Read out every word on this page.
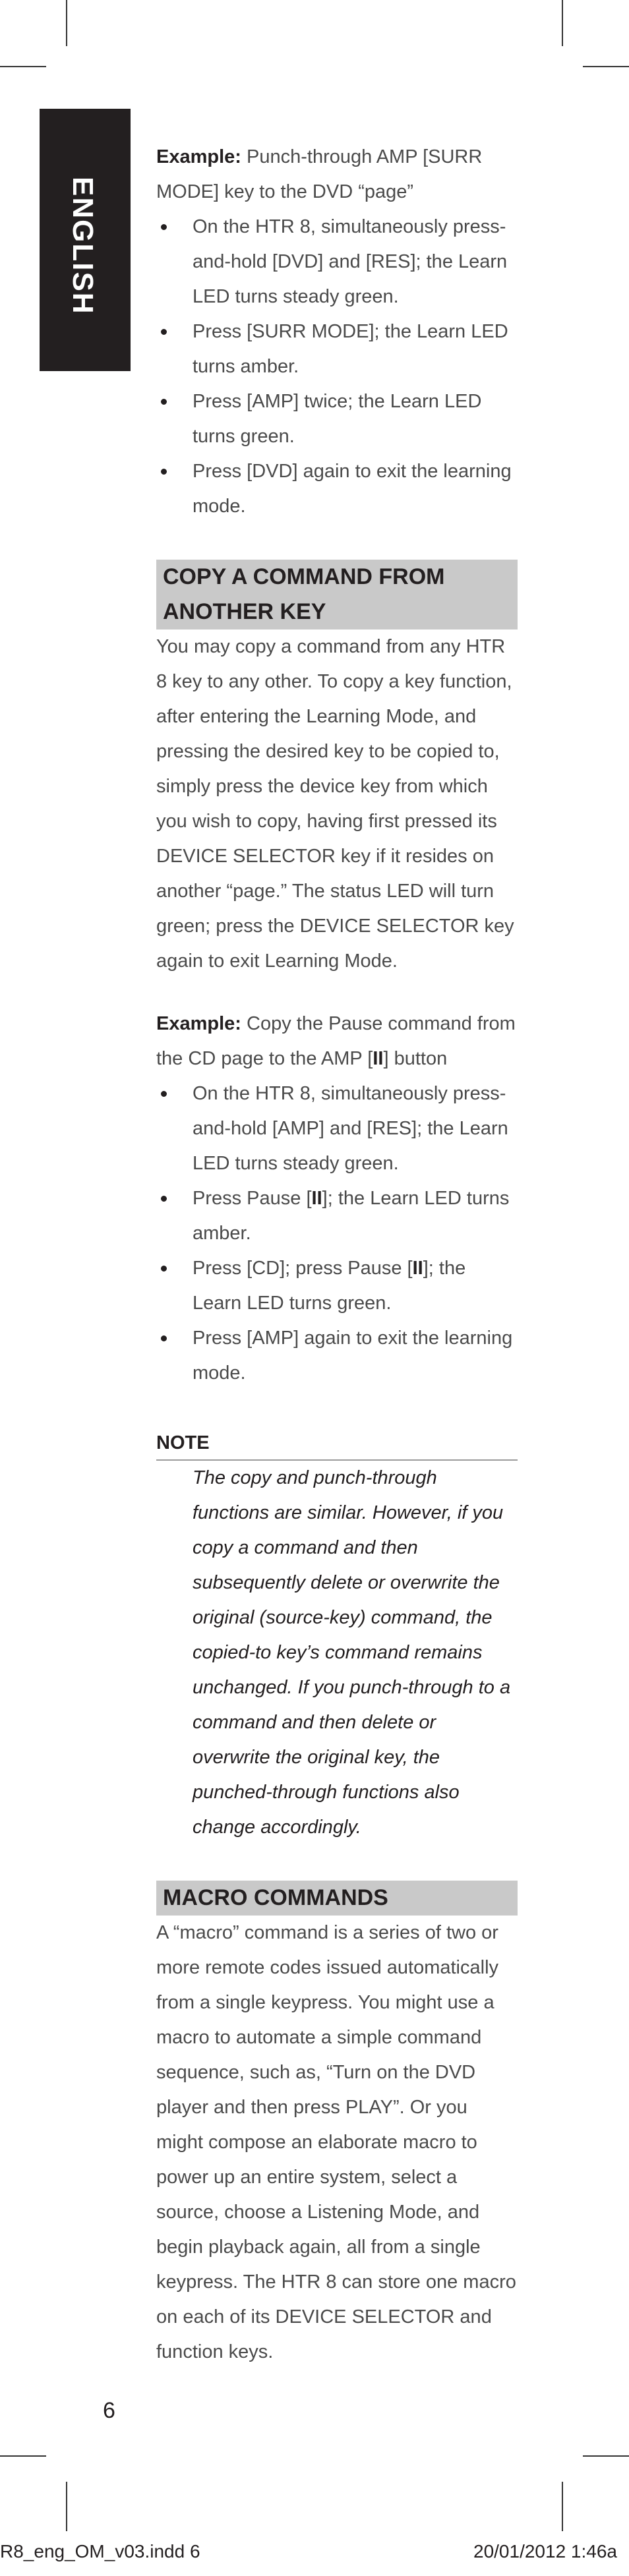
ENGLISH

Example: Punch-through AMP [SURR MODE] key to the DVD “page”

On the HTR 8, simultaneously press-and-hold [DVD] and [RES]; the Learn LED turns steady green.
Press [SURR MODE]; the Learn LED turns amber.
Press [AMP] twice; the Learn LED turns green.
Press [DVD] again to exit the learning mode.
COPY A COMMAND FROM ANOTHER KEY

You may copy a command from any HTR 8 key to any other. To copy a key function, after entering the Learning Mode, and pressing the desired key to be copied to, simply press the device key from which you wish to copy, having first pressed its DEVICE SELECTOR key if it resides on another “page.” The status LED will turn green; press the DEVICE SELECTOR key again to exit Learning Mode.

Example: Copy the Pause command from the CD page to the AMP [II] button

On the HTR 8, simultaneously press-and-hold [AMP] and [RES]; the Learn LED turns steady green.
Press Pause [II]; the Learn LED turns amber.
Press [CD]; press Pause [II]; the Learn LED turns green.
Press [AMP] again to exit the learning mode.

NOTE

The copy and punch-through functions are similar. However, if you copy a command and then subsequently delete or overwrite the original (source-key) command, the copied-to key’s command remains unchanged. If you punch-through to a command and then delete or overwrite the original key, the punched-through functions also change accordingly.

MACRO COMMANDS

A “macro” command is a series of two or more remote codes issued automatically from a single keypress. You might use a macro to automate a simple command sequence, such as, “Turn on the DVD player and then press PLAY”. Or you might compose an elaborate macro to power up an entire system, select a source, choose a Listening Mode, and begin playback again, all from a single keypress. The HTR 8 can store one macro on each of its DEVICE SELECTOR and function keys.

6
R8_eng_OM_v03.indd 6	20/01/2012 1:46a
